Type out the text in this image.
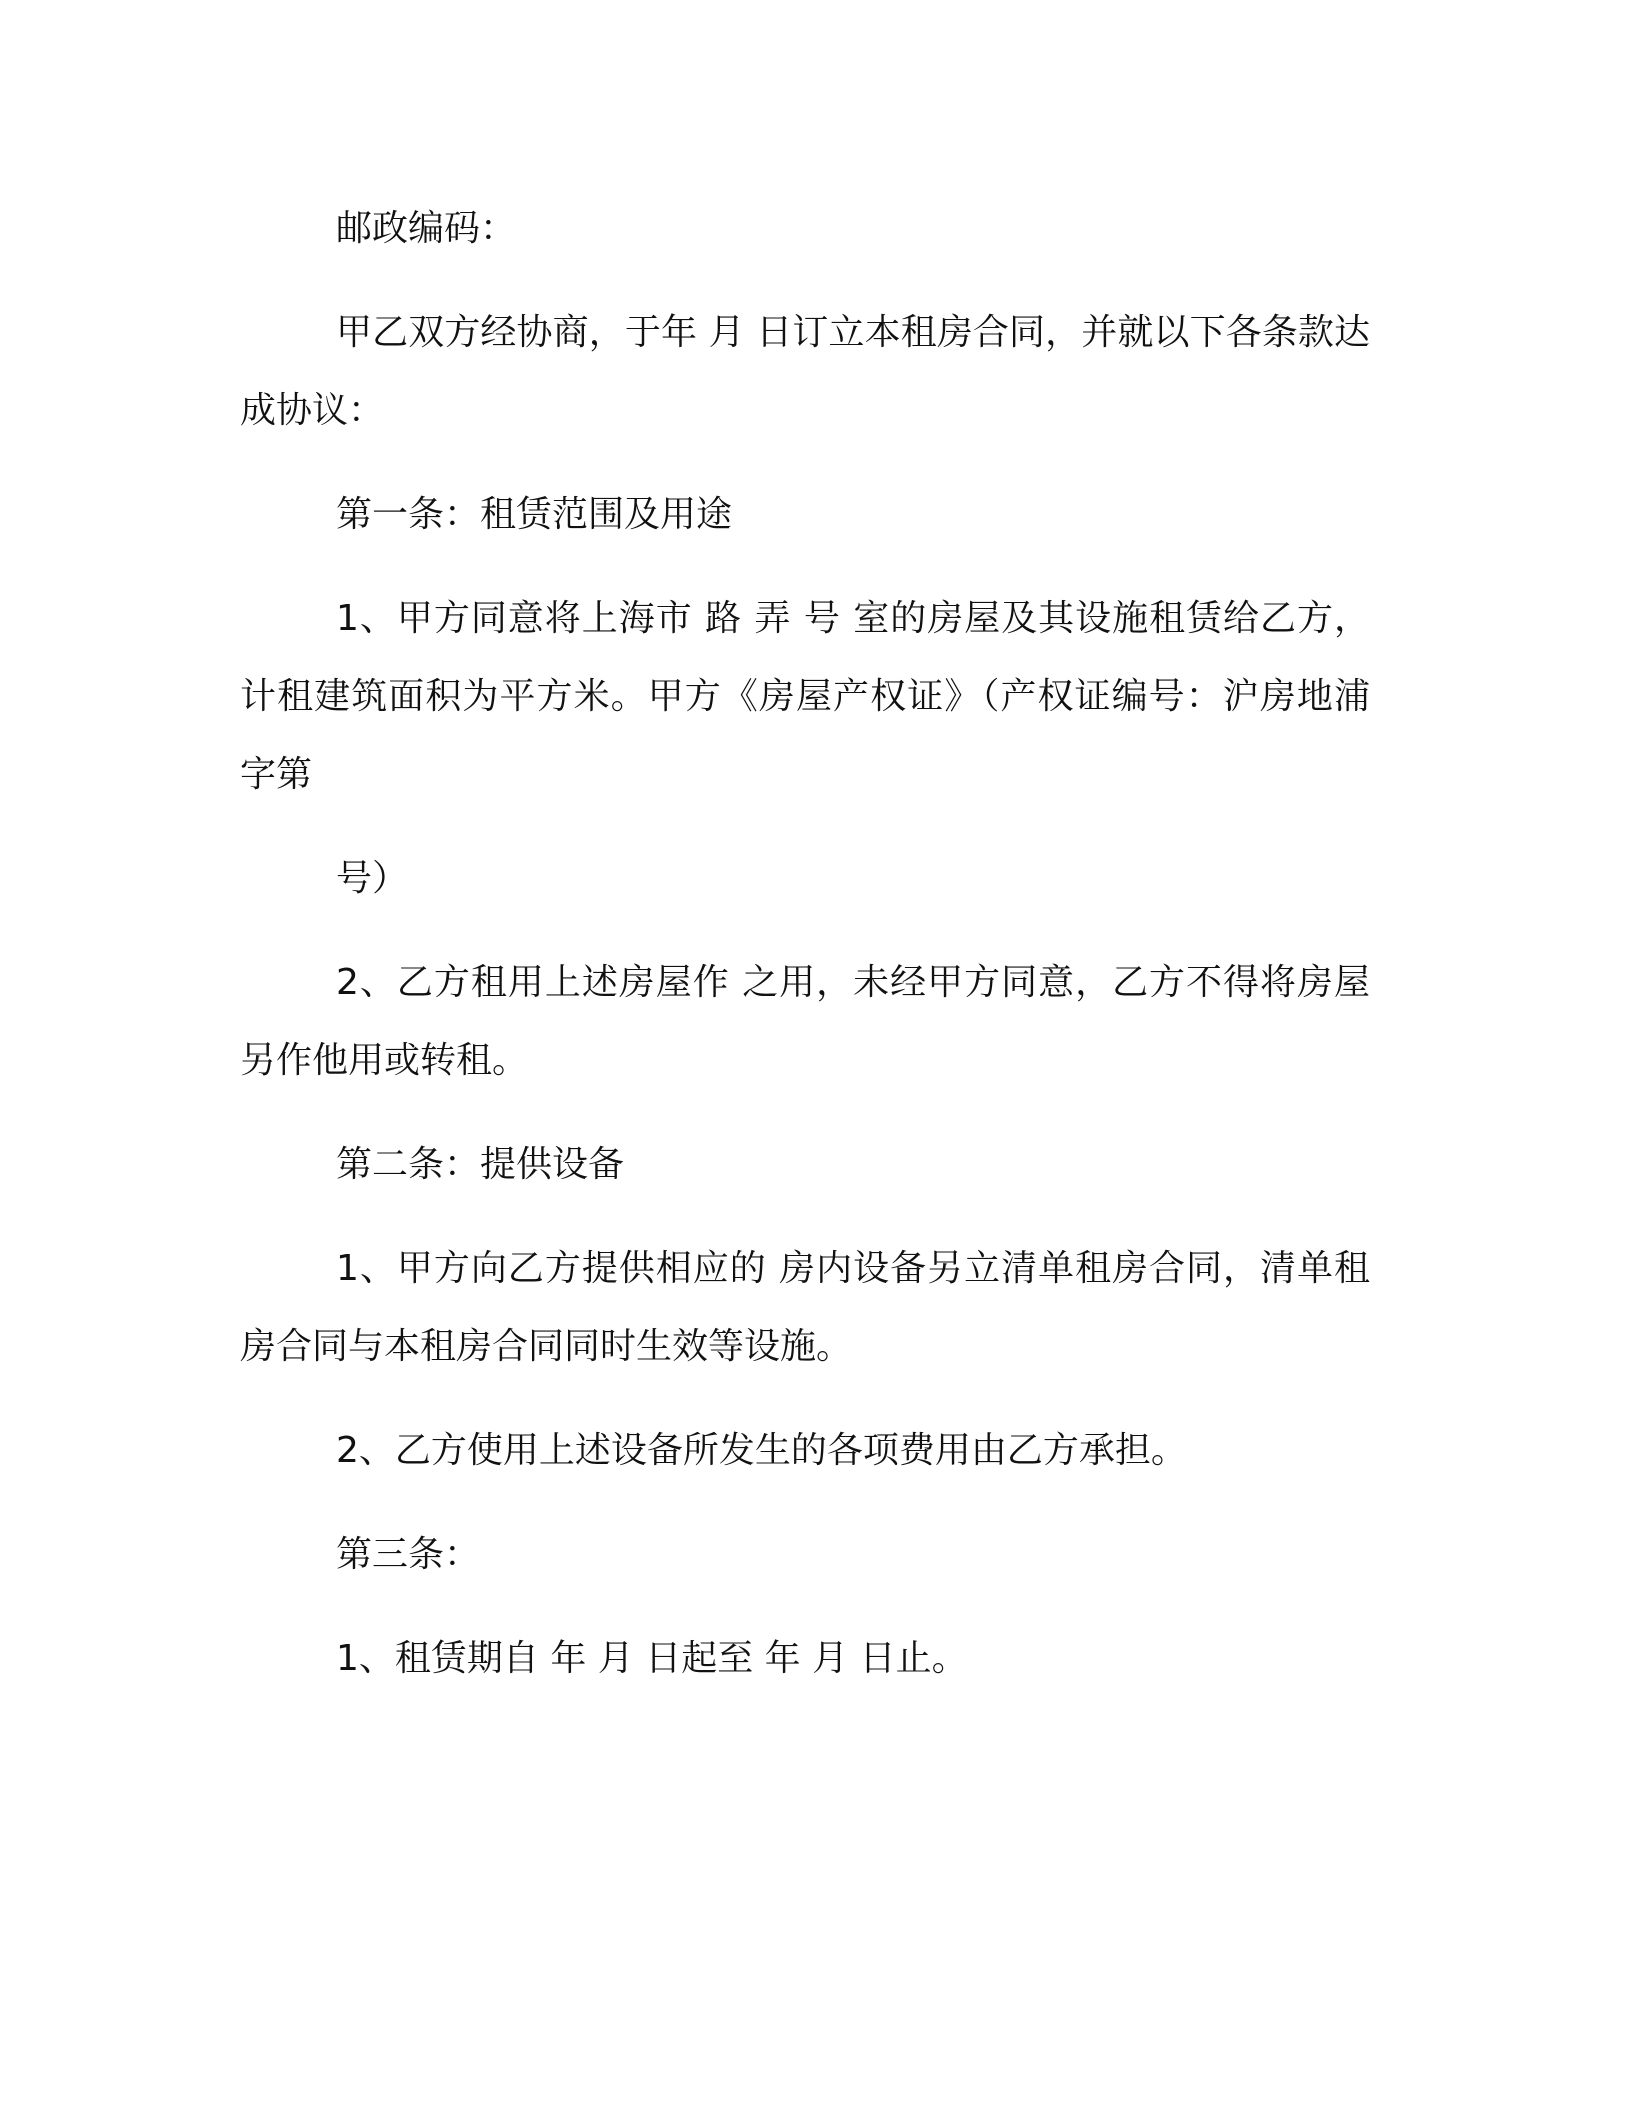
邮政编码：

甲乙双方经协商，于年 月 日订立本租房合同，并就以下各条款达成协议：

第一条：租赁范围及用途

1、甲方同意将上海市 路 弄 号 室的房屋及其设施租赁给乙方，计租建筑面积为平方米。甲方《房屋产权证》（产权证编号：沪房地浦字第

号）

2、乙方租用上述房屋作 之用，未经甲方同意，乙方不得将房屋另作他用或转租。

第二条：提供设备

1、甲方向乙方提供相应的 房内设备另立清单租房合同，清单租房合同与本租房合同同时生效等设施。

2、乙方使用上述设备所发生的各项费用由乙方承担。

第三条：

1、租赁期自 年 月 日起至 年 月 日止。
